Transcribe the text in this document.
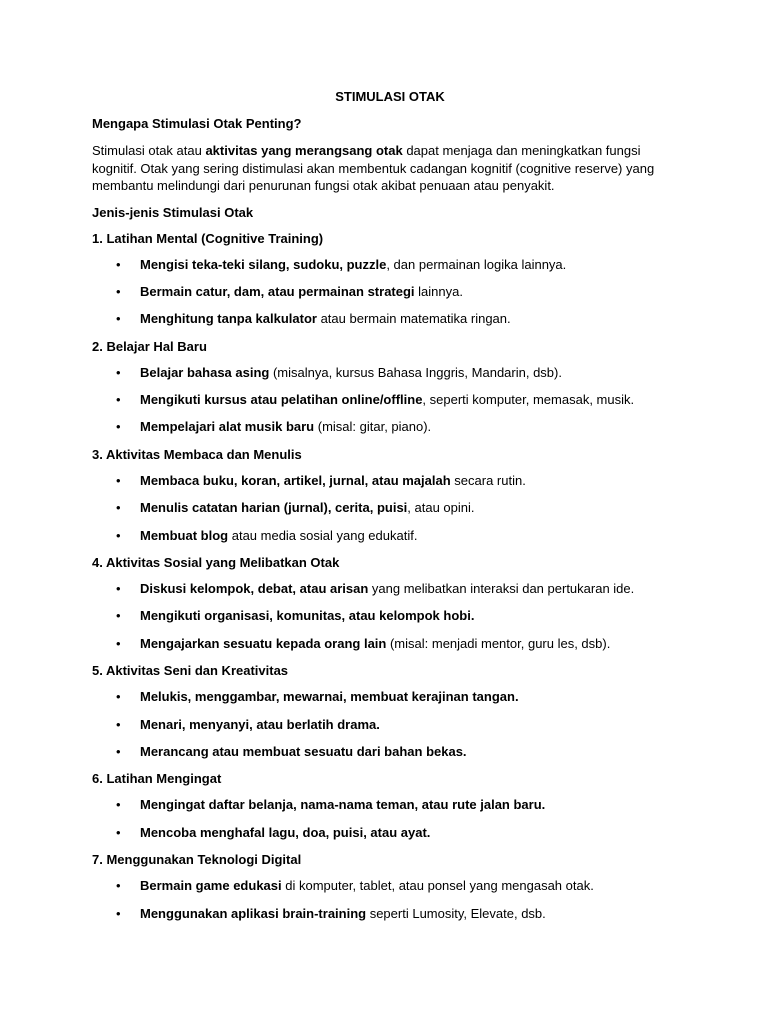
STIMULASI OTAK
Mengapa Stimulasi Otak Penting?

Stimulasi otak atau aktivitas yang merangsang otak dapat menjaga dan meningkatkan fungsi kognitif. Otak yang sering distimulasi akan membentuk cadangan kognitif (cognitive reserve) yang membantu melindungi dari penurunan fungsi otak akibat penuaan atau penyakit.

Jenis-jenis Stimulasi Otak
1. Latihan Mental (Cognitive Training)
• Mengisi teka-teki silang, sudoku, puzzle, dan permainan logika lainnya.
• Bermain catur, dam, atau permainan strategi lainnya.
• Menghitung tanpa kalkulator atau bermain matematika ringan.
2. Belajar Hal Baru
• Belajar bahasa asing (misalnya, kursus Bahasa Inggris, Mandarin, dsb).
• Mengikuti kursus atau pelatihan online/offline, seperti komputer, memasak, musik.
• Mempelajari alat musik baru (misal: gitar, piano).
3. Aktivitas Membaca dan Menulis
• Membaca buku, koran, artikel, jurnal, atau majalah secara rutin.
• Menulis catatan harian (jurnal), cerita, puisi, atau opini.
• Membuat blog atau media sosial yang edukatif.
4. Aktivitas Sosial yang Melibatkan Otak
• Diskusi kelompok, debat, atau arisan yang melibatkan interaksi dan pertukaran ide.
• Mengikuti organisasi, komunitas, atau kelompok hobi.
• Mengajarkan sesuatu kepada orang lain (misal: menjadi mentor, guru les, dsb).
5. Aktivitas Seni dan Kreativitas
• Melukis, menggambar, mewarnai, membuat kerajinan tangan.
• Menari, menyanyi, atau berlatih drama.
• Merancang atau membuat sesuatu dari bahan bekas.
6. Latihan Mengingat
• Mengingat daftar belanja, nama-nama teman, atau rute jalan baru.
• Mencoba menghafal lagu, doa, puisi, atau ayat.
7. Menggunakan Teknologi Digital
• Bermain game edukasi di komputer, tablet, atau ponsel yang mengasah otak.
• Menggunakan aplikasi brain-training seperti Lumosity, Elevate, dsb.
